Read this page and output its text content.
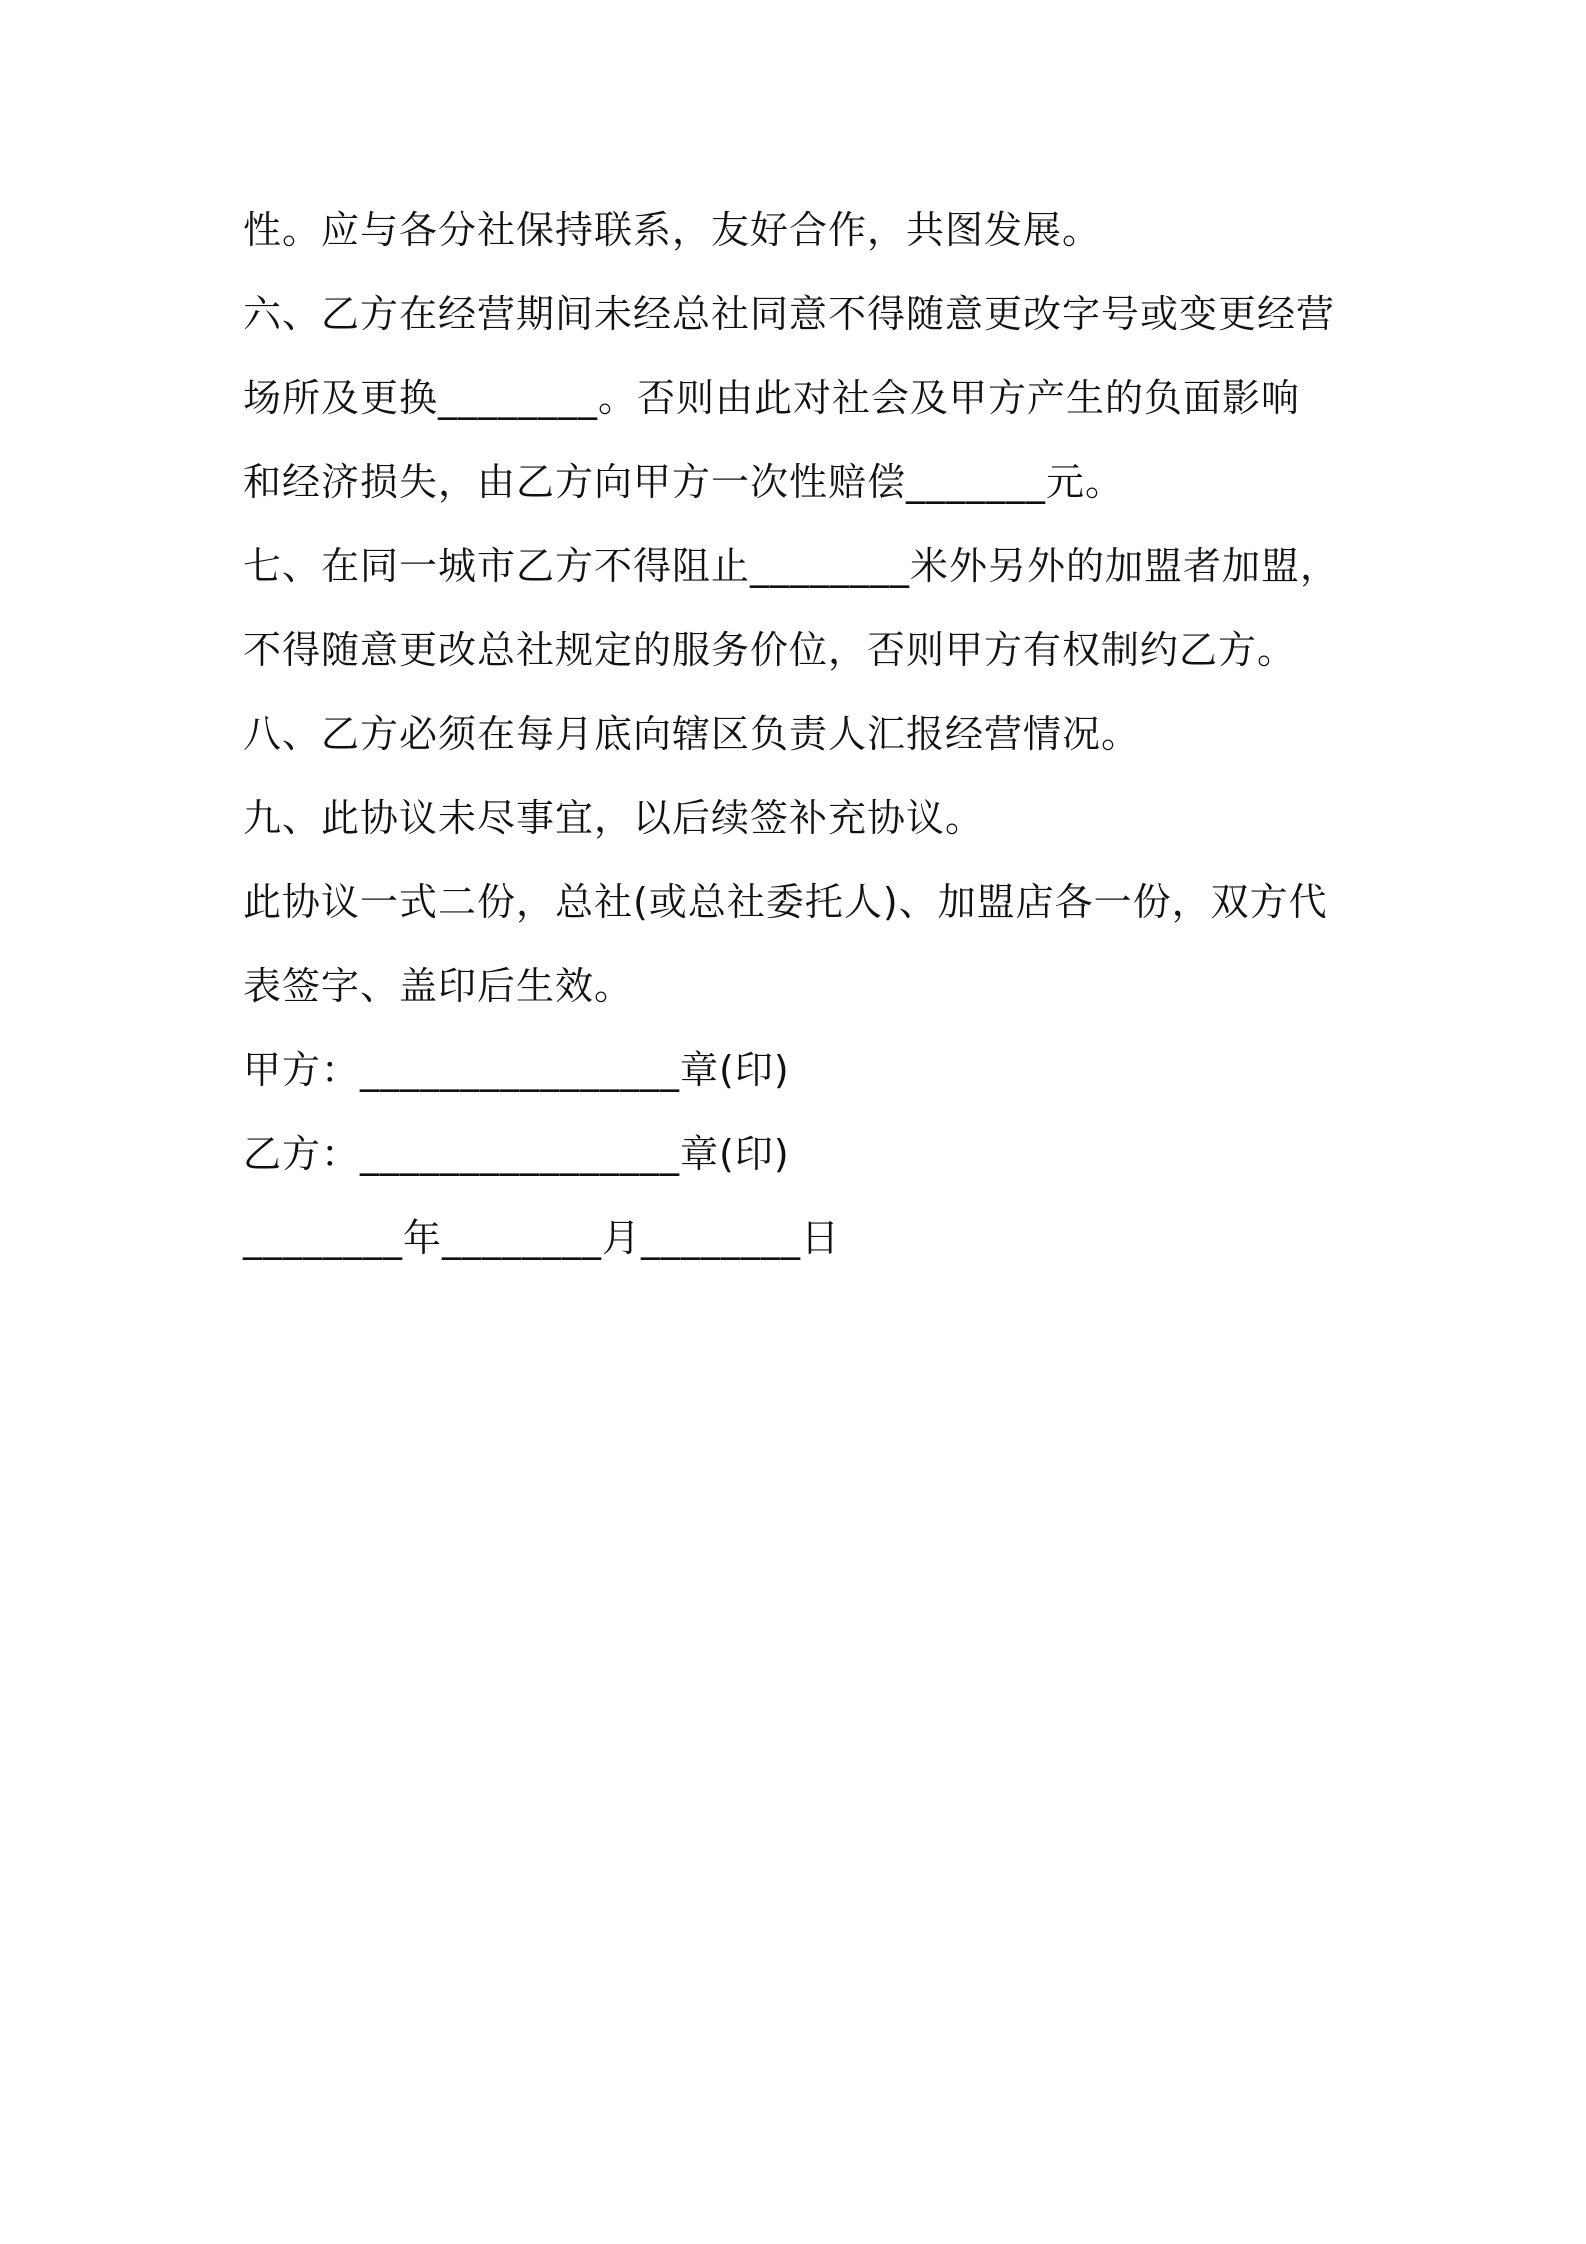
性。应与各分社保持联系，友好合作，共图发展。
六、乙方在经营期间未经总社同意不得随意更改字号或变更经营
场所及更换________。否则由此对社会及甲方产生的负面影响
和经济损失，由乙方向甲方一次性赔偿_______元。
七、在同一城市乙方不得阻止________米外另外的加盟者加盟，
不得随意更改总社规定的服务价位，否则甲方有权制约乙方。
八、乙方必须在每月底向辖区负责人汇报经营情况。
九、此协议未尽事宜，以后续签补充协议。
此协议一式二份，总社(或总社委托人)、加盟店各一份，双方代
表签字、盖印后生效。
甲方：________________章(印)
乙方：________________章(印)
________年________月________日
